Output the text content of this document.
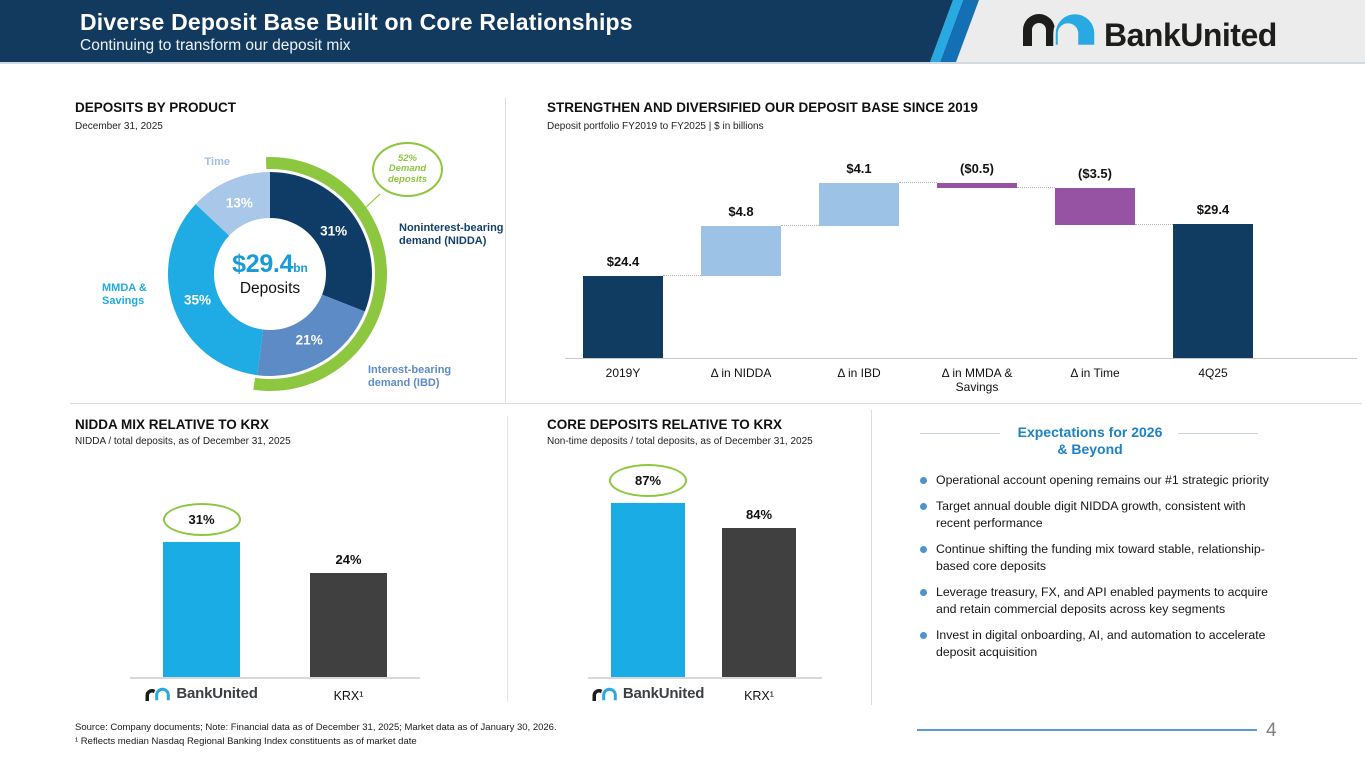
Diverse Deposit Base Built on Core Relationships
Continuing to transform our deposit mix	BankUnited
DEPOSITS BY PRODUCT
December 31, 2025
STRENGTHEN AND DIVERSIFIED OUR DEPOSIT BASE SINCE 2019
Deposit portfolio FY2019 to FY2025 | $ in billions
NIDDA MIX RELATIVE TO KRX
NIDDA / total deposits, as of December 31, 2025
CORE DEPOSITS RELATIVE TO KRX
Non-time deposits / total deposits, as of December 31, 2025
Time
MMDA & Savings
Noninterest-bearing demand (NIDDA)
Interest-bearing demand (IBD)
52%
Demand
deposits
$29.4bn
Deposits
31%
21%
35%
13%
$24.4
2019Y
$4.8
Δ in NIDDA
$4.1
Δ in IBD
($0.5)
Δ in MMDA & Savings
($3.5)
Δ in Time
$29.4
4Q25
31%
BankUnited
24%
KRX¹
87%
BankUnited
84%
KRX¹
Expectations for 2026
& Beyond
Operational account opening remains our #1 strategic priority
Target annual double digit NIDDA growth, consistent with recent performance
Continue shifting the funding mix toward stable, relationship-based core deposits
Leverage treasury, FX, and API enabled payments to acquire and retain commercial deposits across key segments
Invest in digital onboarding, AI, and automation to accelerate deposit acquisition
Source: Company documents; Note: Financial data as of December 31, 2025; Market data as of January 30, 2026.
¹ Reflects median Nasdaq Regional Banking Index constituents as of market date
4
